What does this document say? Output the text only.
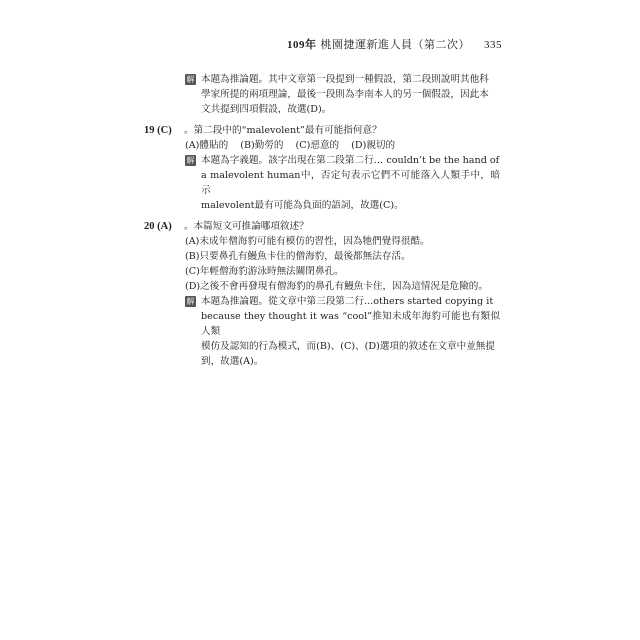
109年 桃園捷運新進人員（第二次） 335
解 本題為推論題。其中文章第一段提到一種假設，第二段則說明其他科
學家所提的兩項理論，最後一段則為李南本人的另一個假設，因此本
文共提到四項假設，故選(D)。
19 (C)	。第二段中的“malevolent”最有可能指何意？
(A)體貼的 (B)勤勞的 (C)惡意的 (D)親切的
解 本題為字義題。該字出現在第二段第二行… couldn’t be the hand of
a malevolent human中，否定句表示它們不可能落入人類手中，暗示
malevolent最有可能為負面的語詞，故選(C)。
20 (A)	。本篇短文可推論哪項敘述？
(A)未成年僧海豹可能有模仿的習性，因為牠們覺得很酷。
(B)只要鼻孔有鰻魚卡住的僧海豹，最後都無法存活。
(C)年輕僧海豹游泳時無法關閉鼻孔。
(D)之後不會再發現有僧海豹的鼻孔有鰻魚卡住，因為這情況是危險的。
解 本題為推論題。從文章中第三段第二行...others started copying it
because they thought it was “cool”推知未成年海豹可能也有類似人類
模仿及認知的行為模式，而(B)、(C)、(D)選項的敘述在文章中並無提
到，故選(A)。
